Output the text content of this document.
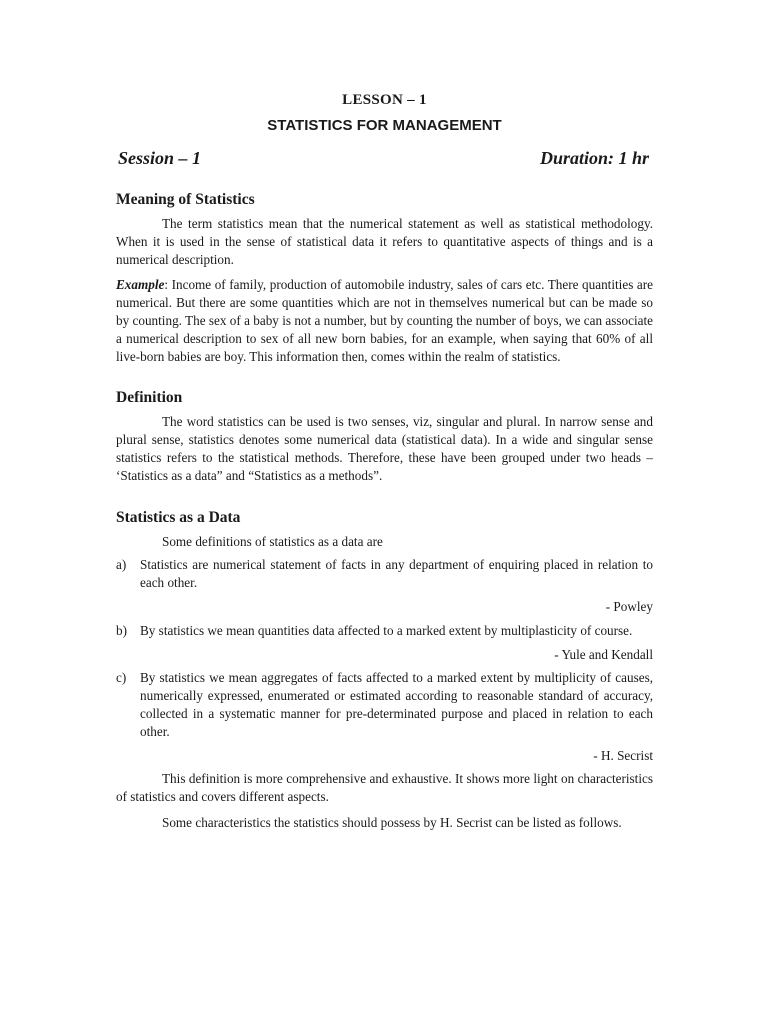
LESSON – 1
STATISTICS FOR MANAGEMENT
Session – 1	Duration: 1 hr
Meaning of Statistics

The term statistics mean that the numerical statement as well as statistical methodology. When it is used in the sense of statistical data it refers to quantitative aspects of things and is a numerical description.

Example: Income of family, production of automobile industry, sales of cars etc. There quantities are numerical. But there are some quantities which are not in themselves numerical but can be made so by counting. The sex of a baby is not a number, but by counting the number of boys, we can associate a numerical description to sex of all new born babies, for an example, when saying that 60% of all live-born babies are boy. This information then, comes within the realm of statistics.

Definition

The word statistics can be used is two senses, viz, singular and plural. In narrow sense and plural sense, statistics denotes some numerical data (statistical data). In a wide and singular sense statistics refers to the statistical methods. Therefore, these have been grouped under two heads – ‘Statistics as a data” and “Statistics as a methods”.

Statistics as a Data

Some definitions of statistics as a data are

a)	Statistics are numerical statement of facts in any department of enquiring placed in relation to each other.
- Powley
b) By statistics we mean quantities data affected to a marked extent by multiplasticity of course.
- Yule and Kendall
c)	By statistics we mean aggregates of facts affected to a marked extent by multiplicity of causes, numerically expressed, enumerated or estimated according to reasonable standard of accuracy, collected in a systematic manner for pre-determinated purpose and placed in relation to each other.
- H. Secrist

This definition is more comprehensive and exhaustive. It shows more light on characteristics of statistics and covers different aspects.

Some characteristics the statistics should possess by H. Secrist can be listed as follows.
